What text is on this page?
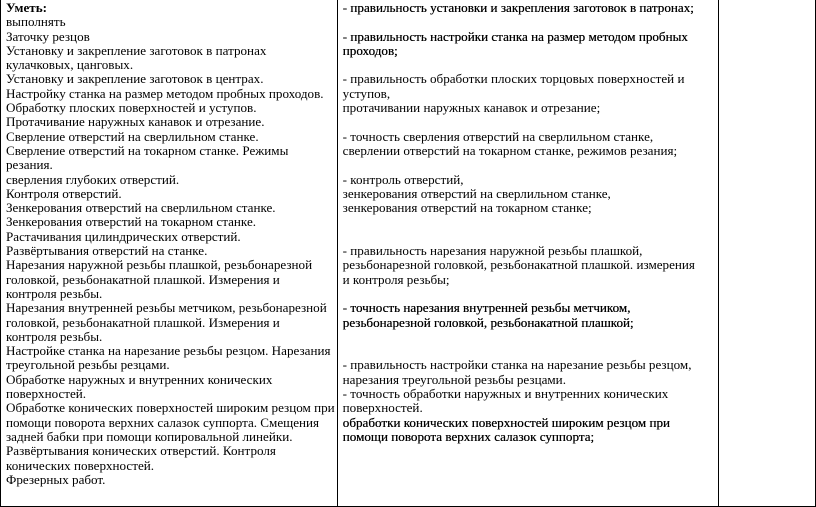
Уметь:
выполнять
Заточку резцов
Установку и закрепление заготовок в патронах
кулачковых, цанговых.
Установку и закрепление заготовок в центрах.
Настройку станка на размер методом пробных проходов.
Обработку плоских поверхностей и уступов.
Протачивание наружных канавок и отрезание.
Сверление отверстий на сверлильном станке.
Сверление отверстий на токарном станке. Режимы
резания.
сверления глубоких отверстий.
Контроля отверстий.
Зенкерования отверстий на сверлильном станке.
Зенкерования отверстий на токарном станке.
Растачивания цилиндрических отверстий.
Развёртывания отверстий на станке.
Нарезания наружной резьбы плашкой, резьбонарезной
головкой, резьбонакатной плашкой. Измерения и
контроля резьбы.
Нарезания внутренней резьбы метчиком, резьбонарезной
головкой, резьбонакатной плашкой. Измерения и
контроля резьбы.
Настройке станка на нарезание резьбы резцом. Нарезания
треугольной резьбы резцами.
Обработке наружных и внутренних конических
поверхностей.
Обработке конических поверхностей широким резцом при
помощи поворота верхних салазок суппорта. Смещения
задней бабки при помощи копировальной линейки.
Развёртывания конических отверстий. Контроля
конических поверхностей.
Фрезерных работ.

- правильность установки и закрепления заготовок в патронах;
- правильность настройки станка на размер методом пробных
проходов;
- правильность обработки плоских торцовых поверхностей и
уступов,
протачивании наружных канавок и отрезание;
- точность сверления отверстий на сверлильном станке,
сверлении отверстий на токарном станке, режимов резания;
- контроль отверстий,
зенкерования отверстий на сверлильном станке,
зенкерования отверстий на токарном станке;
- правильность нарезания наружной резьбы плашкой,
резьбонарезной головкой, резьбонакатной плашкой. измерения
и контроля резьбы;
- точность нарезания внутренней резьбы метчиком,
резьбонарезной головкой, резьбонакатной плашкой;
- правильность настройки станка на нарезание резьбы резцом,
нарезания треугольной резьбы резцами.
- точность обработки наружных и внутренних конических
поверхностей.
обработки конических поверхностей широким резцом при
помощи поворота верхних салазок суппорта;
